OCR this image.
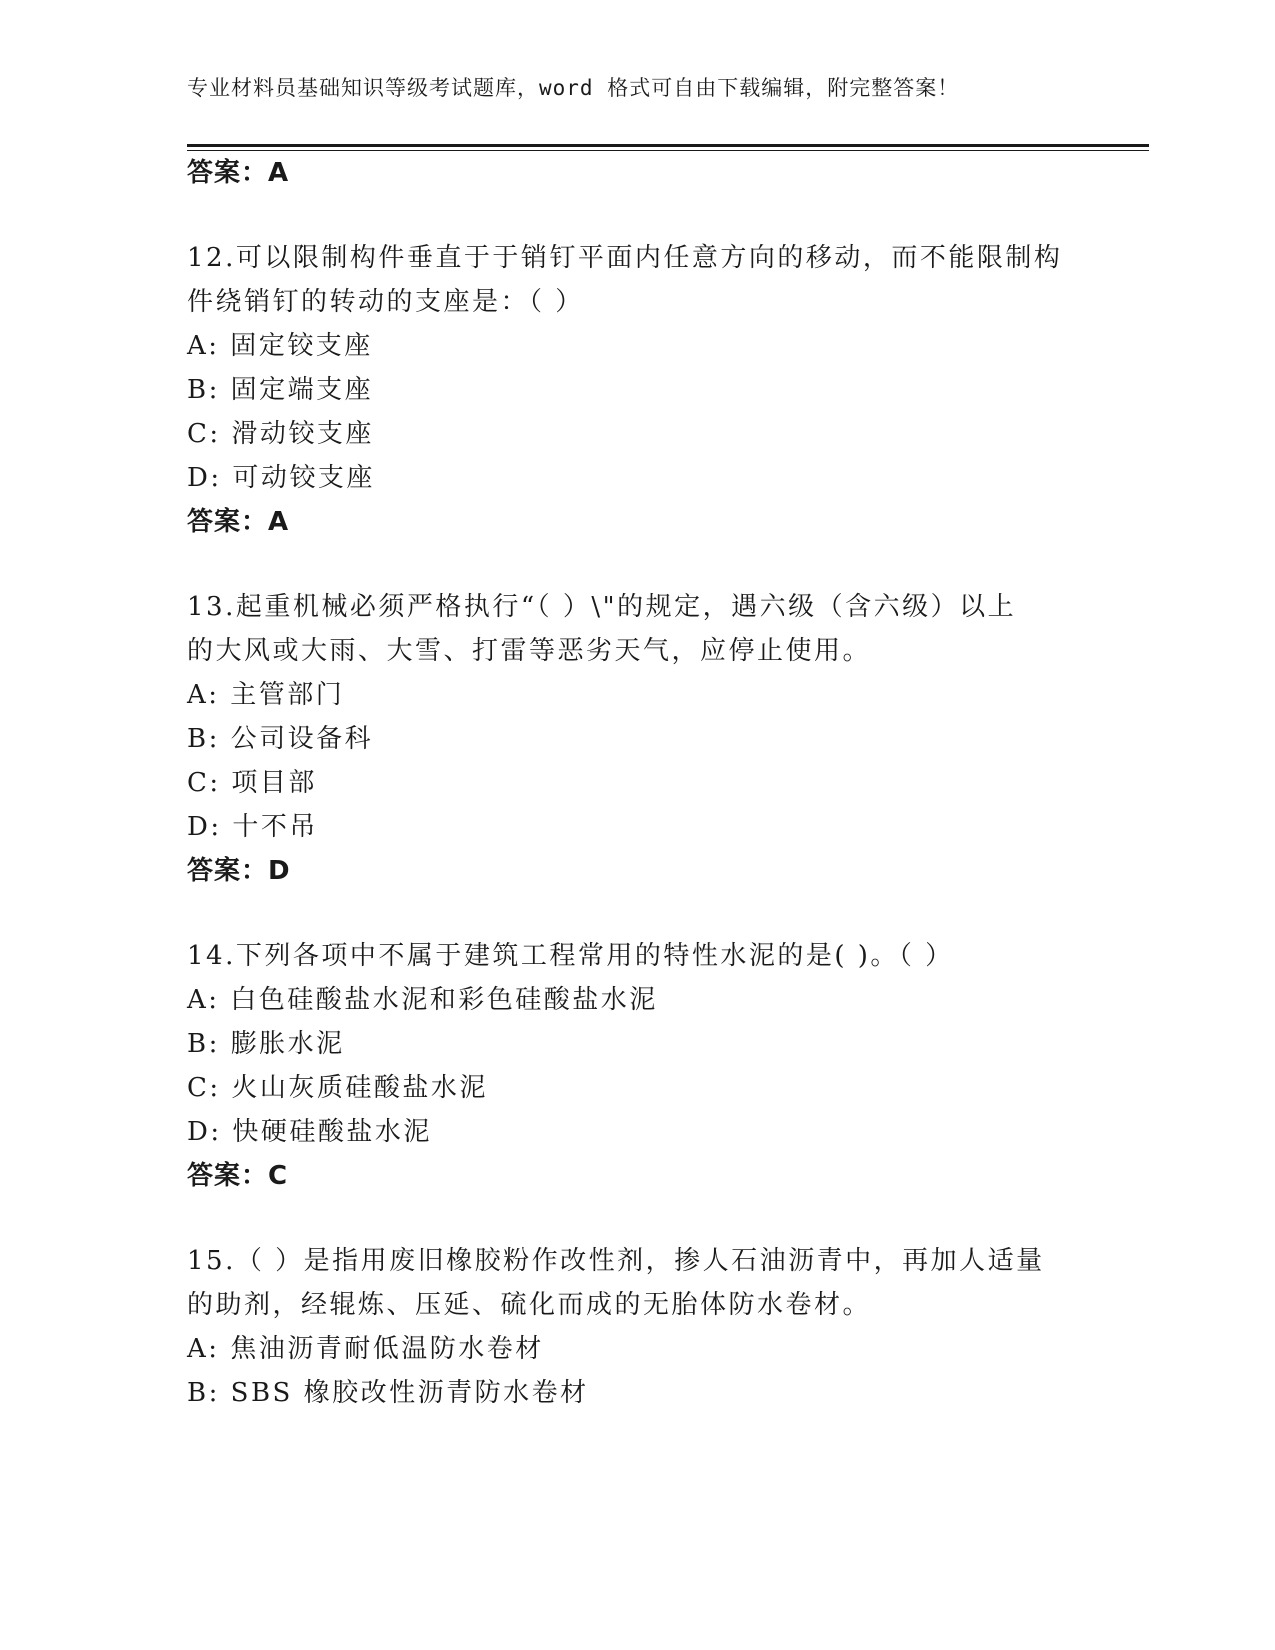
专业材料员基础知识等级考试题库，word 格式可自由下载编辑，附完整答案！
答案：A
12.可以限制构件垂直于于销钉平面内任意方向的移动，而不能限制构
件绕销钉的转动的支座是：（ ）
A: 固定铰支座
B: 固定端支座
C: 滑动铰支座
D: 可动铰支座
答案：A
13.起重机械必须严格执行“（ ）\"的规定，遇六级（含六级）以上
的大风或大雨、大雪、打雷等恶劣天气，应停止使用。
A: 主管部门
B: 公司设备科
C: 项目部
D: 十不吊
答案：D
14.下列各项中不属于建筑工程常用的特性水泥的是( )。（ ）
A: 白色硅酸盐水泥和彩色硅酸盐水泥
B: 膨胀水泥
C: 火山灰质硅酸盐水泥
D: 快硬硅酸盐水泥
答案：C
15.（ ）是指用废旧橡胶粉作改性剂，掺人石油沥青中，再加人适量
的助剂，经辊炼、压延、硫化而成的无胎体防水卷材。
A: 焦油沥青耐低温防水卷材
B: SBS 橡胶改性沥青防水卷材
